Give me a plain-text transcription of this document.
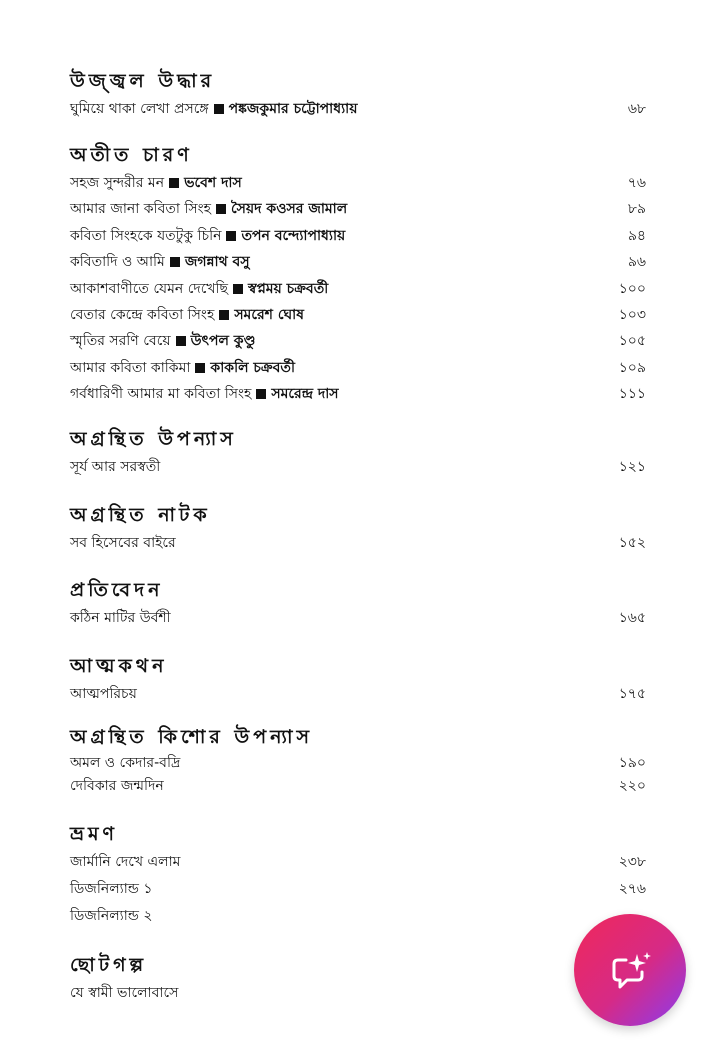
উজ্জ্বল উদ্ধার
ঘুমিয়ে থাকা লেখা প্রসঙ্গে পঙ্কজকুমার চট্টোপাধ্যায়	৬৮
অতীত চারণ
সহজ সুন্দরীর মন ভবেশ দাস	৭৬
আমার জানা কবিতা সিংহ সৈয়দ কওসর জামাল	৮৯
কবিতা সিংহকে যতটুকু চিনি তপন বন্দ্যোপাধ্যায়	৯৪
কবিতাদি ও আমি জগন্নাথ বসু	৯৬
আকাশবাণীতে যেমন দেখেছি স্বপ্নময় চক্রবর্তী	১০০
বেতার কেন্দ্রে কবিতা সিংহ সমরেশ ঘোষ	১০৩
স্মৃতির সরণি বেয়ে উৎপল কুণ্ডু	১০৫
আমার কবিতা কাকিমা কাকলি চক্রবর্তী	১০৯
গর্বধারিণী আমার মা কবিতা সিংহ সমরেন্দ্র দাস	১১১
অগ্রন্থিত উপন্যাস
সূর্য আর সরস্বতী	১২১
অগ্রন্থিত নাটক
সব হিসেবের বাইরে	১৫২
প্রতিবেদন
কঠিন মাটির উর্বশী	১৬৫
আত্মকথন
আত্মপরিচয়	১৭৫
অগ্রন্থিত কিশোর উপন্যাস
অমল ও কেদার-বদ্রি	১৯০
দেবিকার জন্মদিন	২২০
ভ্রমণ
জার্মানি দেখে এলাম	২৩৮
ডিজনিল্যান্ড ১	২৭৬
ডিজনিল্যান্ড ২
ছোটগল্প
যে স্বামী ভালোবাসে
